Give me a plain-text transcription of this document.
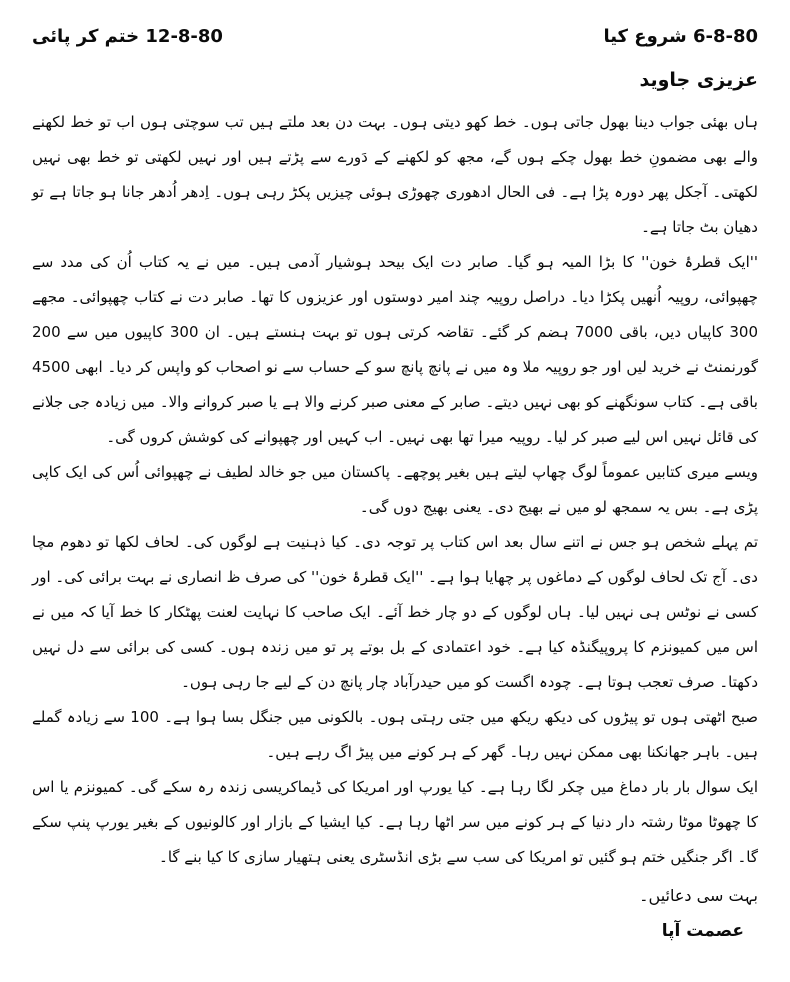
6-8-80 شروع کیا
12-8-80 ختم کر پائی
عزیزی جاوید

ہاں بھئی جواب دینا بھول جاتی ہوں۔ خط کھو دیتی ہوں۔ بہت دن بعد ملتے ہیں تب سوچتی ہوں اب تو خط لکھنے والے بھی مضمونِ خط بھول چکے ہوں گے، مجھ کو لکھنے کے دَورے سے پڑتے ہیں اور نہیں لکھتی تو خط بھی نہیں لکھتی۔ آجکل پھر دورہ پڑا ہے۔ فی الحال ادھوری چھوڑی ہوئی چیزیں پکڑ رہی ہوں۔ اِدھر اُدھر جانا ہو جاتا ہے تو دھیان بٹ جاتا ہے۔

''ایک قطرۂ خون'' کا بڑا المیہ ہو گیا۔ صابر دت ایک بیحد ہوشیار آدمی ہیں۔ میں نے یہ کتاب اُن کی مدد سے چھپوائی، روپیہ اُنھیں پکڑا دیا۔ دراصل روپیہ چند امیر دوستوں اور عزیزوں کا تھا۔ صابر دت نے کتاب چھپوائی۔ مجھے 300 کاپیاں دیں، باقی 7000 ہضم کر گئے۔ تقاضہ کرتی ہوں تو بہت ہنستے ہیں۔ ان 300 کاپیوں میں سے 200 گورنمنٹ نے خرید لیں اور جو روپیہ ملا وہ میں نے پانچ پانچ سو کے حساب سے نو اصحاب کو واپس کر دیا۔ ابھی 4500 باقی ہے۔ کتاب سونگھنے کو بھی نہیں دیتے۔ صابر کے معنی صبر کرنے والا ہے یا صبر کروانے والا۔ میں زیادہ جی جلانے کی قائل نہیں اس لیے صبر کر لیا۔ روپیہ میرا تھا بھی نہیں۔ اب کہیں اور چھپوانے کی کوشش کروں گی۔

ویسے میری کتابیں عموماً لوگ چھاپ لیتے ہیں بغیر پوچھے۔ پاکستان میں جو خالد لطیف نے چھپوائی اُس کی ایک کاپی پڑی ہے۔ بس یہ سمجھ لو میں نے بھیج دی۔ یعنی بھیج دوں گی۔

تم پہلے شخص ہو جس نے اتنے سال بعد اس کتاب پر توجہ دی۔ کیا ذہنیت ہے لوگوں کی۔ لحاف لکھا تو دھوم مچا دی۔ آج تک لحاف لوگوں کے دماغوں پر چھایا ہوا ہے۔ ''ایک قطرۂ خون'' کی صرف ظ انصاری نے بہت برائی کی۔ اور کسی نے نوٹس ہی نہیں لیا۔ ہاں لوگوں کے دو چار خط آئے۔ ایک صاحب کا نہایت لعنت پھٹکار کا خط آیا کہ میں نے اس میں کمیونزم کا پروپیگنڈہ کیا ہے۔ خود اعتمادی کے بل بوتے پر تو میں زندہ ہوں۔ کسی کی برائی سے دل نہیں دکھتا۔ صرف تعجب ہوتا ہے۔ چودہ اگست کو میں حیدرآباد چار پانچ دن کے لیے جا رہی ہوں۔

صبح اٹھتی ہوں تو پیڑوں کی دیکھ ریکھ میں جتی رہتی ہوں۔ بالکونی میں جنگل بسا ہوا ہے۔ 100 سے زیادہ گملے ہیں۔ باہر جھانکنا بھی ممکن نہیں رہا۔ گھر کے ہر کونے میں پیڑ اگ رہے ہیں۔

ایک سوال بار بار دماغ میں چکر لگا رہا ہے۔ کیا یورپ اور امریکا کی ڈیماکریسی زندہ رہ سکے گی۔ کمیونزم یا اس کا چھوٹا موٹا رشتہ دار دنیا کے ہر کونے میں سر اٹھا رہا ہے۔ کیا ایشیا کے بازار اور کالونیوں کے بغیر یورپ پنپ سکے گا۔ اگر جنگیں ختم ہو گئیں تو امریکا کی سب سے بڑی انڈسٹری یعنی ہتھیار سازی کا کیا بنے گا۔

بہت سی دعائیں۔
عصمت آپا
